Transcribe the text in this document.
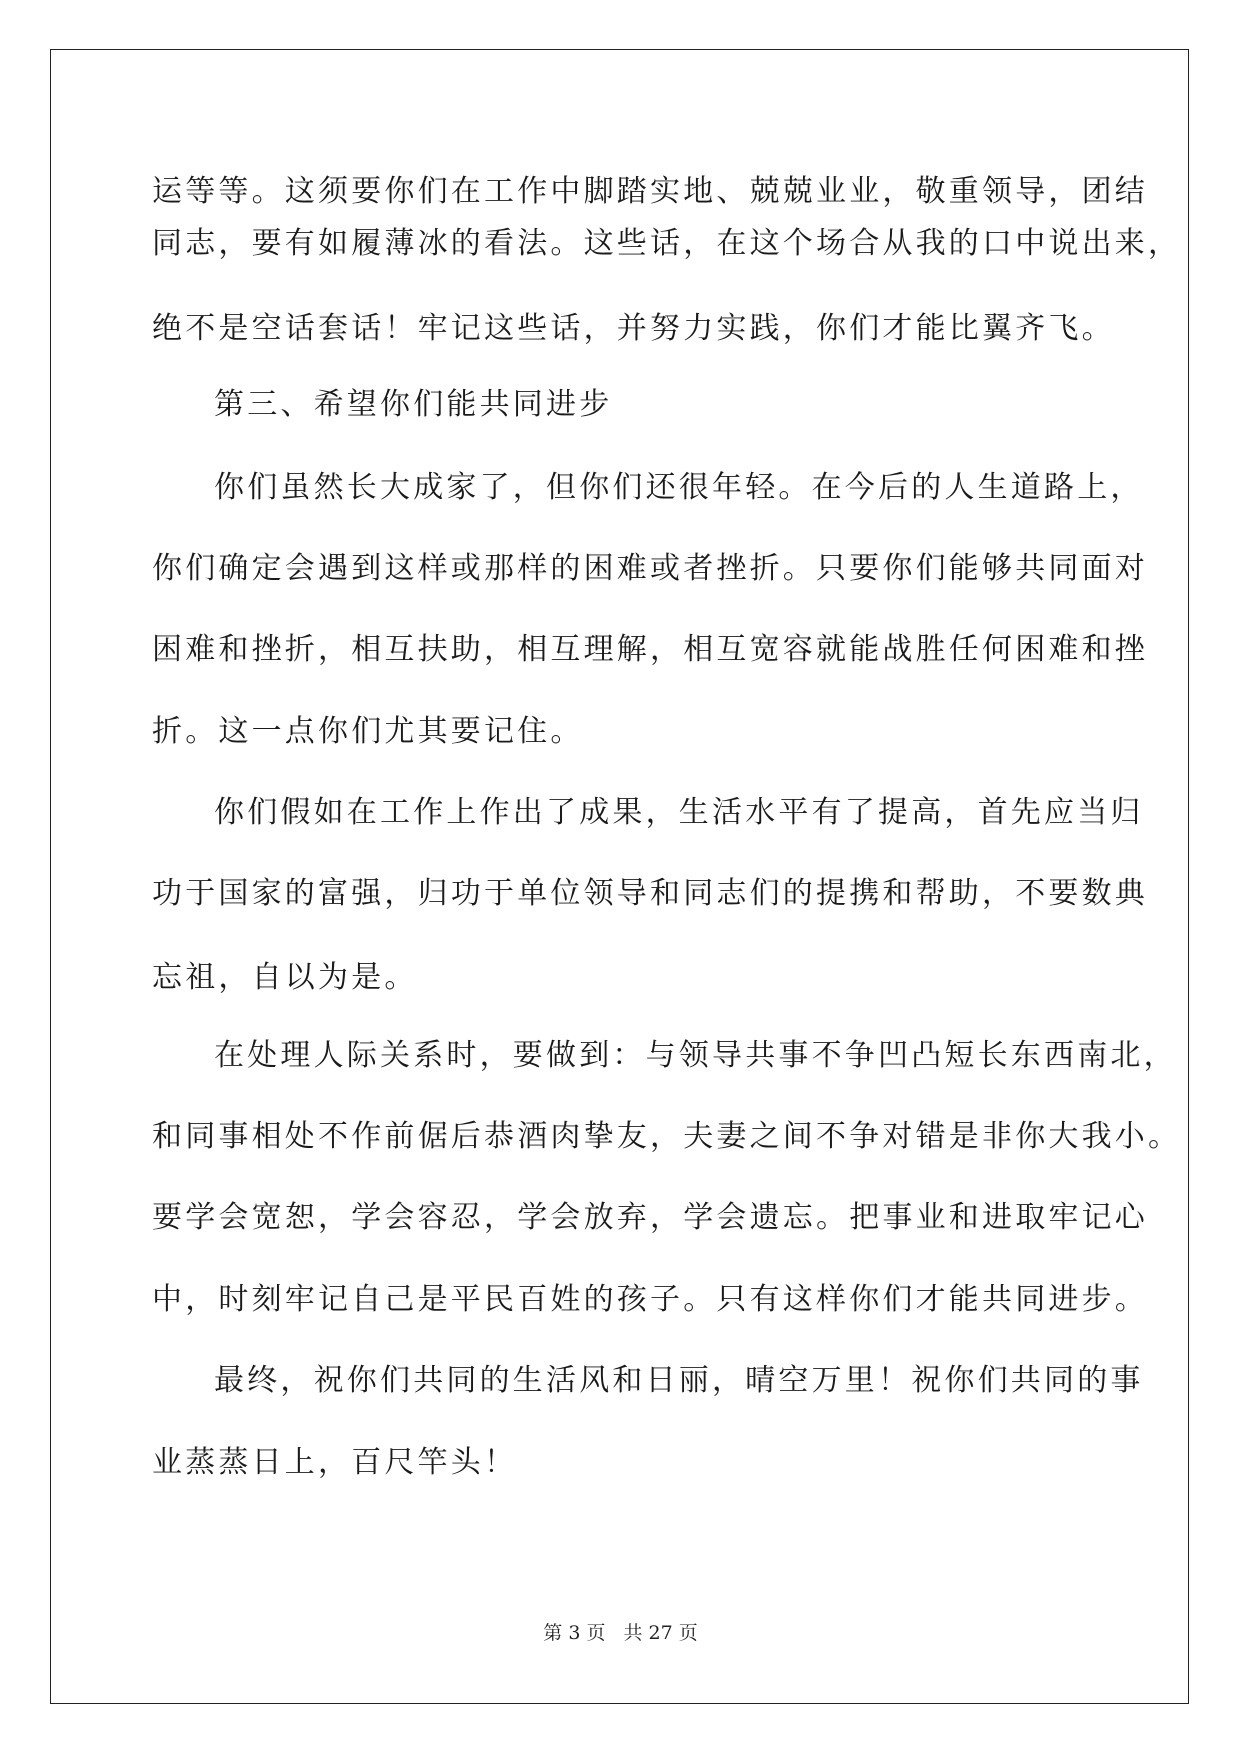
运等等。这须要你们在工作中脚踏实地、兢兢业业，敬重领导，团结
同志，要有如履薄冰的看法。这些话，在这个场合从我的口中说出来，
绝不是空话套话！牢记这些话，并努力实践，你们才能比翼齐飞。
第三、希望你们能共同进步
你们虽然长大成家了，但你们还很年轻。在今后的人生道路上，
你们确定会遇到这样或那样的困难或者挫折。只要你们能够共同面对
困难和挫折，相互扶助，相互理解，相互宽容就能战胜任何困难和挫
折。这一点你们尤其要记住。
你们假如在工作上作出了成果，生活水平有了提高，首先应当归
功于国家的富强，归功于单位领导和同志们的提携和帮助，不要数典
忘祖，自以为是。
在处理人际关系时，要做到：与领导共事不争凹凸短长东西南北，
和同事相处不作前倨后恭酒肉挚友，夫妻之间不争对错是非你大我小。
要学会宽恕，学会容忍，学会放弃，学会遗忘。把事业和进取牢记心
中，时刻牢记自己是平民百姓的孩子。只有这样你们才能共同进步。
最终，祝你们共同的生活风和日丽，晴空万里！祝你们共同的事
业蒸蒸日上，百尺竿头！
第 3 页 共 27 页
